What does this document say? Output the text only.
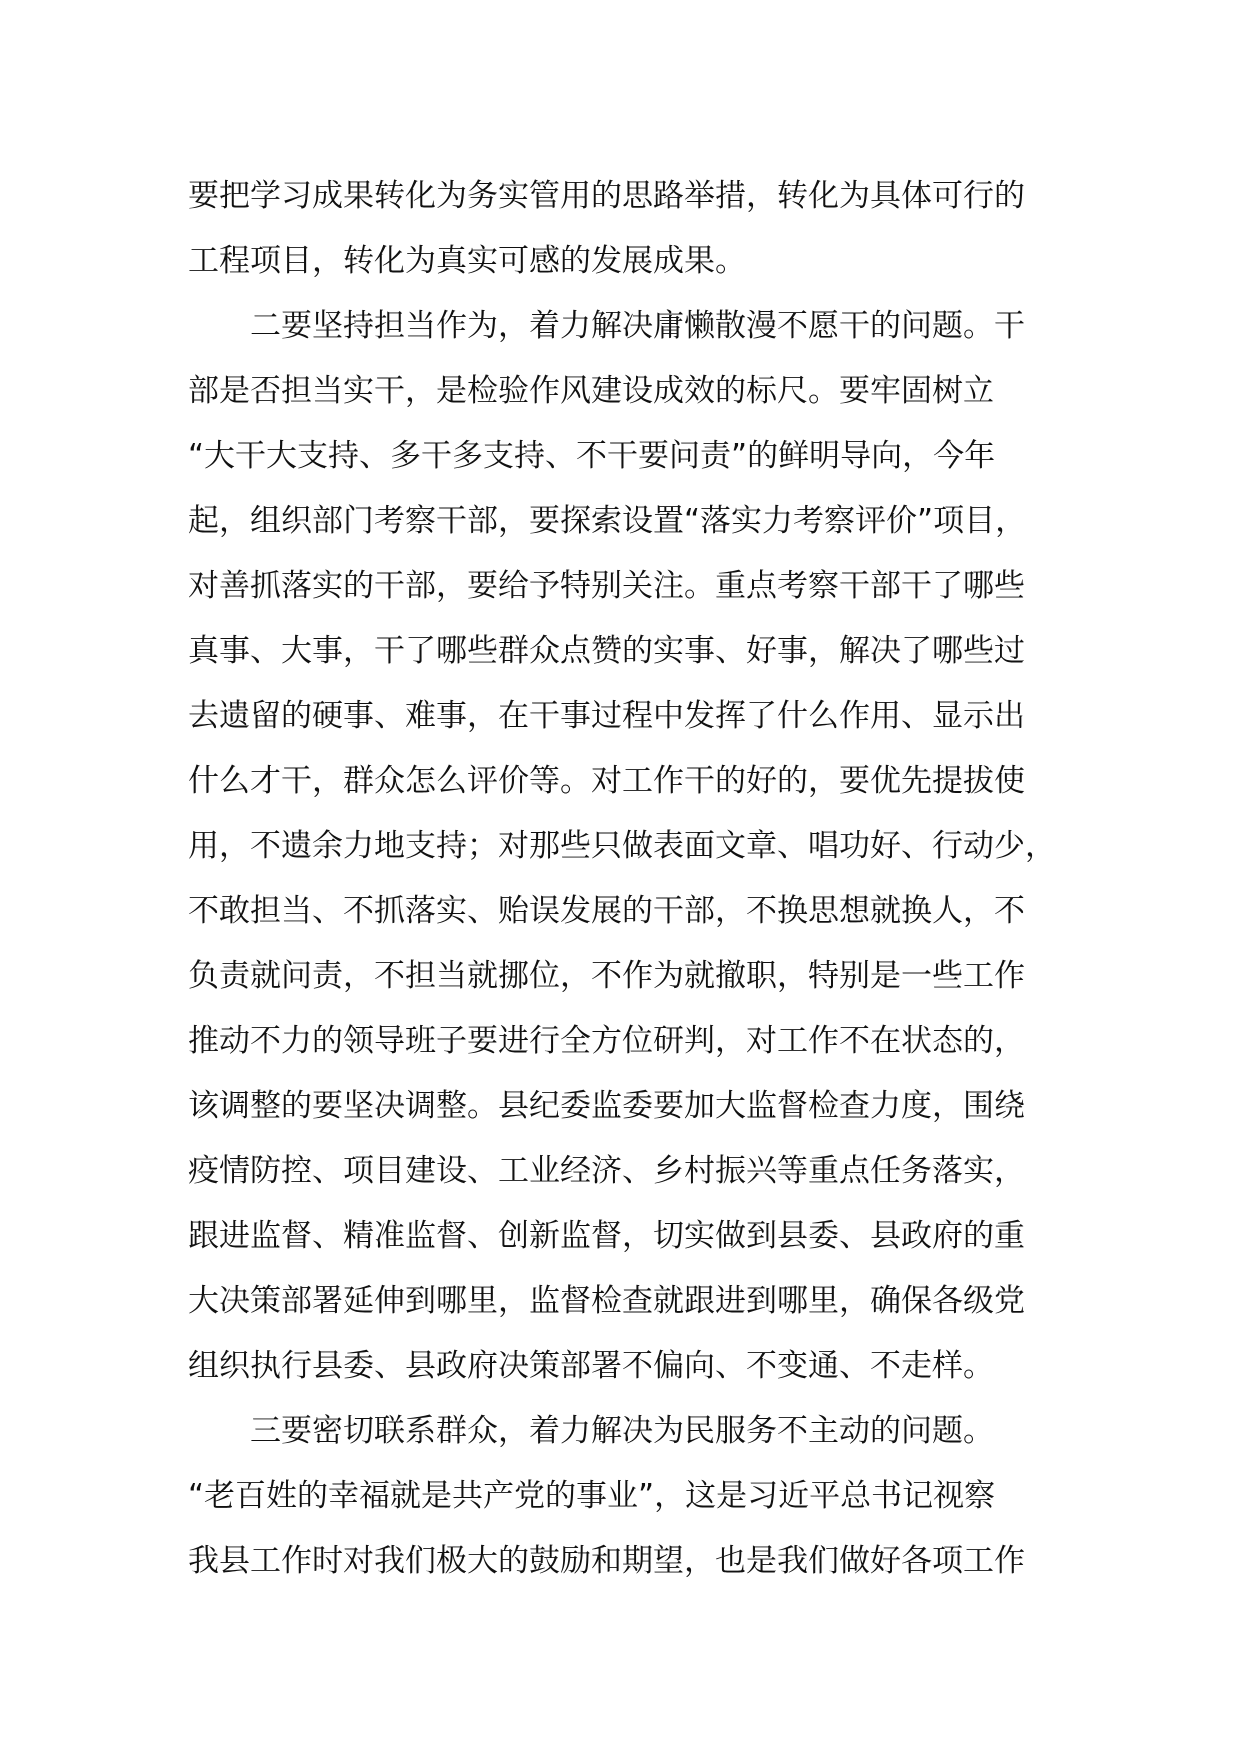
要把学习成果转化为务实管用的思路举措，转化为具体可行的
工程项目，转化为真实可感的发展成果。
二要坚持担当作为，着力解决庸懒散漫不愿干的问题。干
部是否担当实干，是检验作风建设成效的标尺。要牢固树立
“大干大支持、多干多支持、不干要问责”的鲜明导向，今年
起，组织部门考察干部，要探索设置“落实力考察评价”项目，
对善抓落实的干部，要给予特别关注。重点考察干部干了哪些
真事、大事，干了哪些群众点赞的实事、好事，解决了哪些过
去遗留的硬事、难事，在干事过程中发挥了什么作用、显示出
什么才干，群众怎么评价等。对工作干的好的，要优先提拔使
用，不遗余力地支持；对那些只做表面文章、唱功好、行动少，
不敢担当、不抓落实、贻误发展的干部，不换思想就换人，不
负责就问责，不担当就挪位，不作为就撤职，特别是一些工作
推动不力的领导班子要进行全方位研判，对工作不在状态的，
该调整的要坚决调整。县纪委监委要加大监督检查力度，围绕
疫情防控、项目建设、工业经济、乡村振兴等重点任务落实，
跟进监督、精准监督、创新监督，切实做到县委、县政府的重
大决策部署延伸到哪里，监督检查就跟进到哪里，确保各级党
组织执行县委、县政府决策部署不偏向、不变通、不走样。
三要密切联系群众，着力解决为民服务不主动的问题。
“老百姓的幸福就是共产党的事业”，这是习近平总书记视察
我县工作时对我们极大的鼓励和期望，也是我们做好各项工作
